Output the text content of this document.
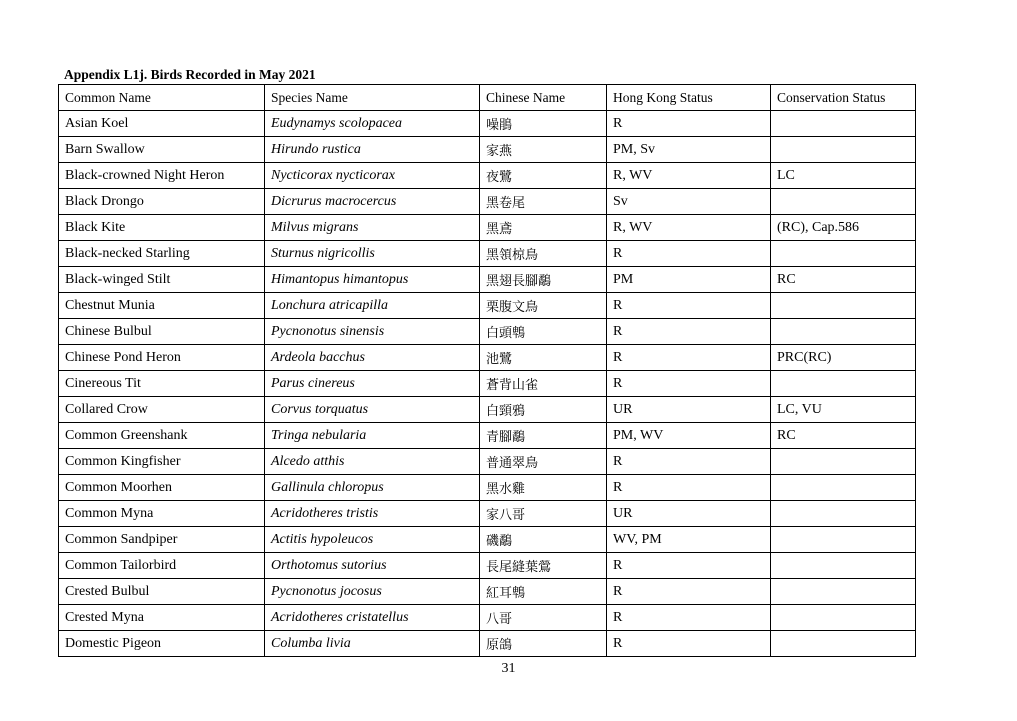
Appendix L1j. Birds Recorded in May 2021
Common Name	Species Name	Chinese Name	Hong Kong Status	Conservation Status
Asian Koel	Eudynamys scolopacea	噪鵑	R	
Barn Swallow	Hirundo rustica	家燕	PM, Sv	
Black-crowned Night Heron	Nycticorax nycticorax	夜鷺	R, WV	LC
Black Drongo	Dicrurus macrocercus	黑卷尾	Sv	
Black Kite	Milvus migrans	黑鳶	R, WV	(RC), Cap.586
Black-necked Starling	Sturnus nigricollis	黑領椋鳥	R	
Black-winged Stilt	Himantopus himantopus	黑翅長腳鷸	PM	RC
Chestnut Munia	Lonchura atricapilla	栗腹文鳥	R	
Chinese Bulbul	Pycnonotus sinensis	白頭鵯	R	
Chinese Pond Heron	Ardeola bacchus	池鷺	R	PRC(RC)
Cinereous Tit	Parus cinereus	蒼背山雀	R	
Collared Crow	Corvus torquatus	白頸鴉	UR	LC, VU
Common Greenshank	Tringa nebularia	青腳鷸	PM, WV	RC
Common Kingfisher	Alcedo atthis	普通翠鳥	R	
Common Moorhen	Gallinula chloropus	黑水雞	R	
Common Myna	Acridotheres tristis	家八哥	UR	
Common Sandpiper	Actitis hypoleucos	磯鷸	WV, PM	
Common Tailorbird	Orthotomus sutorius	長尾縫葉鶯	R	
Crested Bulbul	Pycnonotus jocosus	紅耳鵯	R	
Crested Myna	Acridotheres cristatellus	八哥	R	
Domestic Pigeon	Columba livia	原鴿	R	
31
